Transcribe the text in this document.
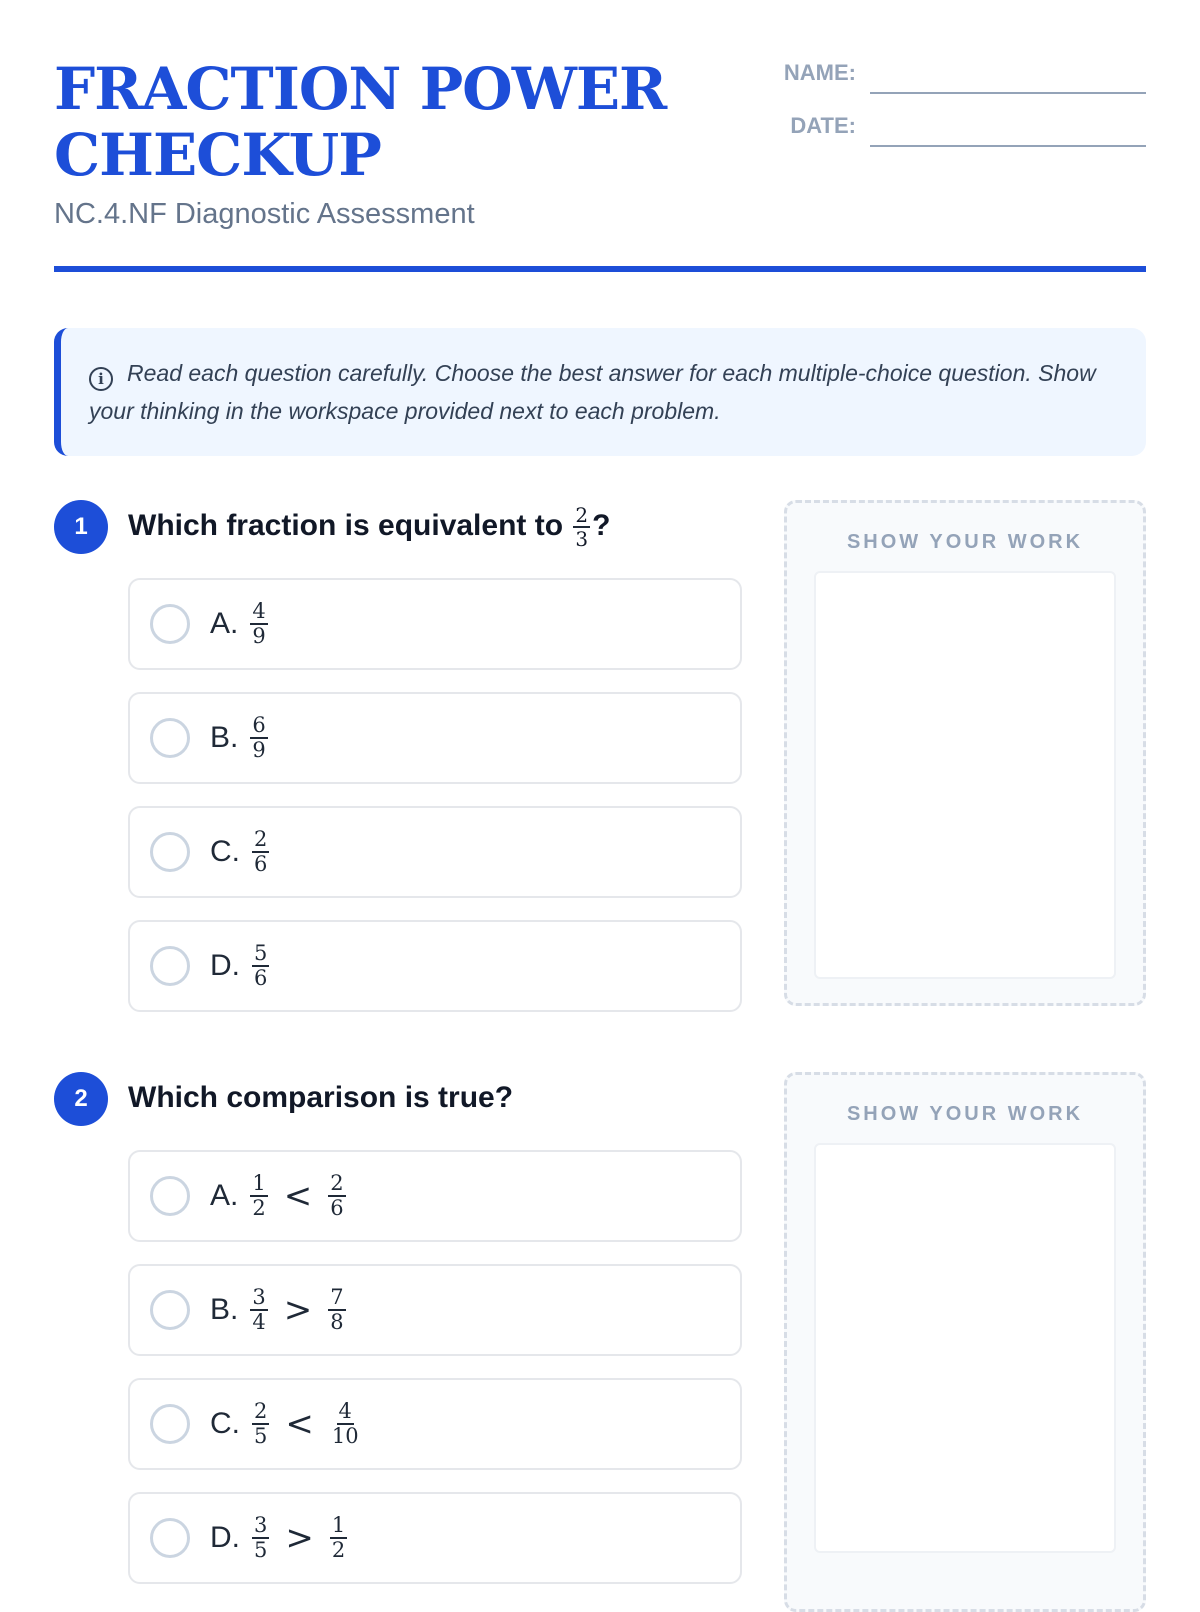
FRACTION POWER CHECKUP
NC.4.NF Diagnostic Assessment
NAME:
DATE:
i Read each question carefully. Choose the best answer for each multiple-choice question. Show your thinking in the workspace provided next to each problem.
1	Which fraction is equivalent to $\frac{2}{3}$ ?
A. $\frac{4}{9}$
B. $\frac{6}{9}$
C. $\frac{2}{6}$
D. $\frac{5}{6}$
SHOW YOUR WORK
2	Which comparison is true?
A. $\frac{1}{2} < \frac{2}{6}$
B. $\frac{3}{4} > \frac{7}{8}$
C. $\frac{2}{5} < \frac{4}{10}$
D. $\frac{3}{5} > \frac{1}{2}$
SHOW YOUR WORK
